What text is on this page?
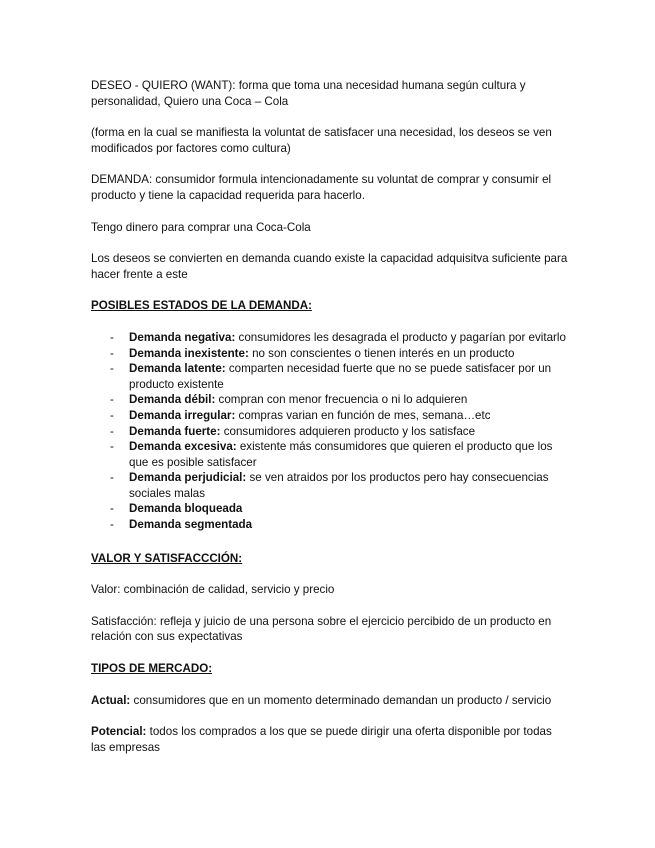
DESEO - QUIERO (WANT): forma que toma una necesidad humana según cultura y personalidad, Quiero una Coca – Cola

(forma en la cual se manifiesta la voluntat de satisfacer una necesidad, los deseos se ven modificados por factores como cultura)

DEMANDA: consumidor formula intencionadamente su voluntat de comprar y consumir el producto y tiene la capacidad requerida para hacerlo.

Tengo dinero para comprar una Coca-Cola

Los deseos se convierten en demanda cuando existe la capacidad adquisitva suficiente para hacer frente a este

POSIBLES ESTADOS DE LA DEMANDA:

- Demanda negativa: consumidores les desagrada el producto y pagarían por evitarlo
- Demanda inexistente: no son conscientes o tienen interés en un producto
- Demanda latente: comparten necesidad fuerte que no se puede satisfacer por un producto existente
- Demanda débil: compran con menor frecuencia o ni lo adquieren
- Demanda irregular: compras varian en función de mes, semana…etc
- Demanda fuerte: consumidores adquieren producto y los satisface
- Demanda excesiva: existente más consumidores que quieren el producto que los que es posible satisfacer
- Demanda perjudicial: se ven atraidos por los productos pero hay consecuencias sociales malas
- Demanda bloqueada
- Demanda segmentada

VALOR Y SATISFACCCIÓN:

Valor: combinación de calidad, servicio y precio

Satisfacción: refleja y juicio de una persona sobre el ejercicio percibido de un producto en relación con sus expectativas

TIPOS DE MERCADO:

Actual: consumidores que en un momento determinado demandan un producto / servicio

Potencial: todos los comprados a los que se puede dirigir una oferta disponible por todas las empresas
